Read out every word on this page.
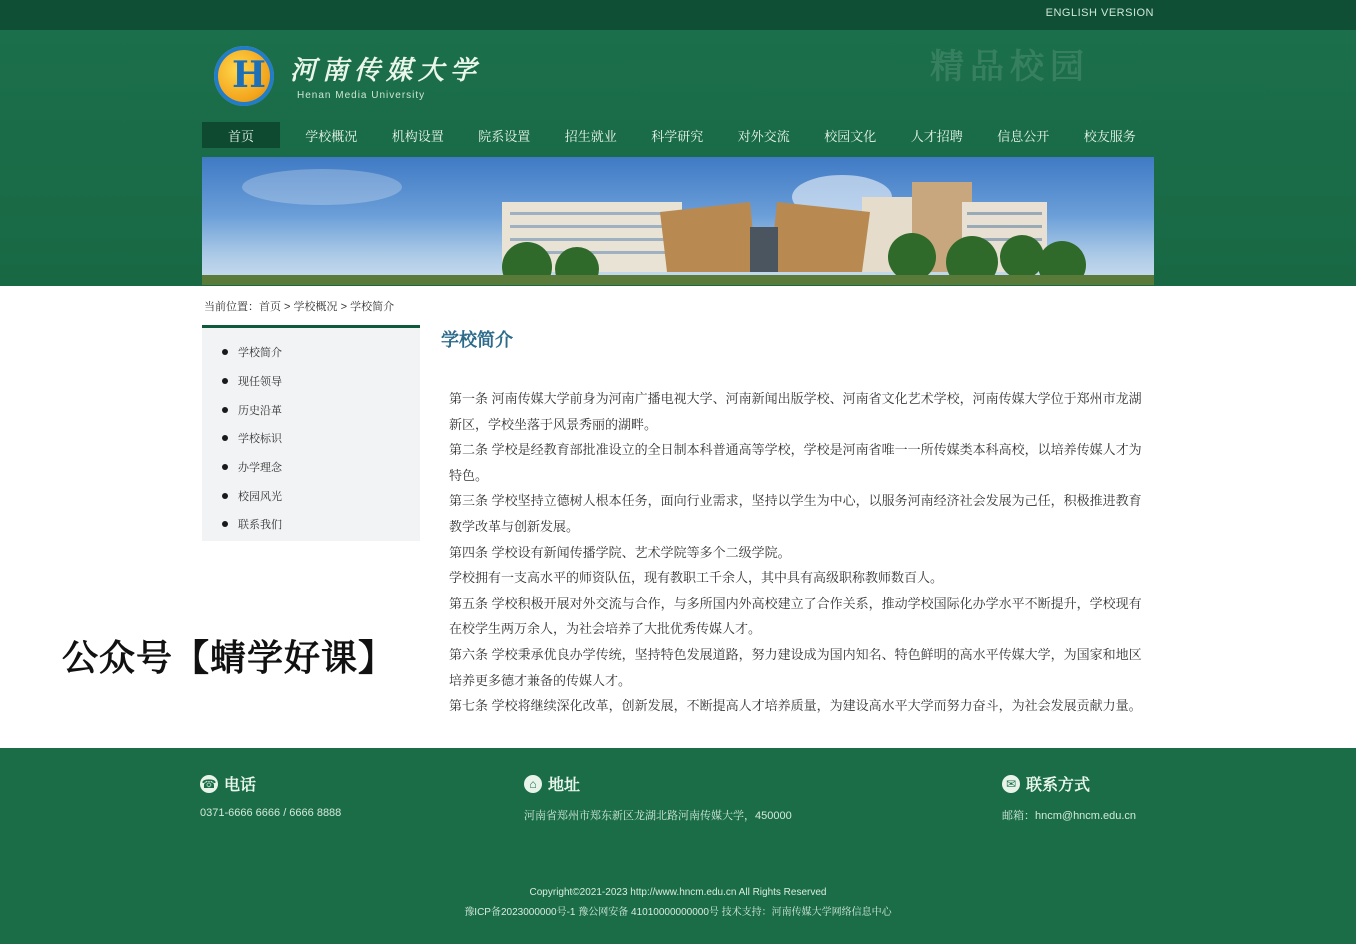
ENGLISH VERSION
H 河南传媒大学
Henan Media University
精品校园
首页	学校概况	机构设置	院系设置	招生就业	科学研究	对外交流	校园文化	人才招聘	信息公开	校友服务
当前位置：首页 > 学校概况 > 学校简介
学校简介
现任领导
历史沿革
学校标识
办学理念
校园风光
联系我们
学校简介

第一条 河南传媒大学前身为河南广播电视大学、河南新闻出版学校、河南省文化艺术学校，河南传媒大学位于郑州市龙湖新区，学校坐落于风景秀丽的湖畔。

第二条 学校是经教育部批准设立的全日制本科普通高等学校，学校是河南省唯一一所传媒类本科高校，以培养传媒人才为特色。

第三条 学校坚持立德树人根本任务，面向行业需求，坚持以学生为中心，以服务河南经济社会发展为己任，积极推进教育教学改革与创新发展。

第四条 学校设有新闻传播学院、艺术学院等多个二级学院。

学校拥有一支高水平的师资队伍，现有教职工千余人，其中具有高级职称教师数百人。

第五条 学校积极开展对外交流与合作，与多所国内外高校建立了合作关系，推动学校国际化办学水平不断提升，学校现有在校学生两万余人，为社会培养了大批优秀传媒人才。

第六条 学校秉承优良办学传统，坚持特色发展道路，努力建设成为国内知名、特色鲜明的高水平传媒大学，为国家和地区培养更多德才兼备的传媒人才。

第七条 学校将继续深化改革，创新发展，不断提高人才培养质量，为建设高水平大学而努力奋斗，为社会发展贡献力量。

公众号【蜻学好课】
☎ 电话
0371-6666 6666 / 6666 8888
⌂ 地址
河南省郑州市郑东新区龙湖北路河南传媒大学，450000
✉ 联系方式
邮箱：hncm@hncm.edu.cn
Copyright©2021-2023 http://www.hncm.edu.cn All Rights Reserved
豫ICP备2023000000号-1 豫公网安备 41010000000000号 技术支持：河南传媒大学网络信息中心
